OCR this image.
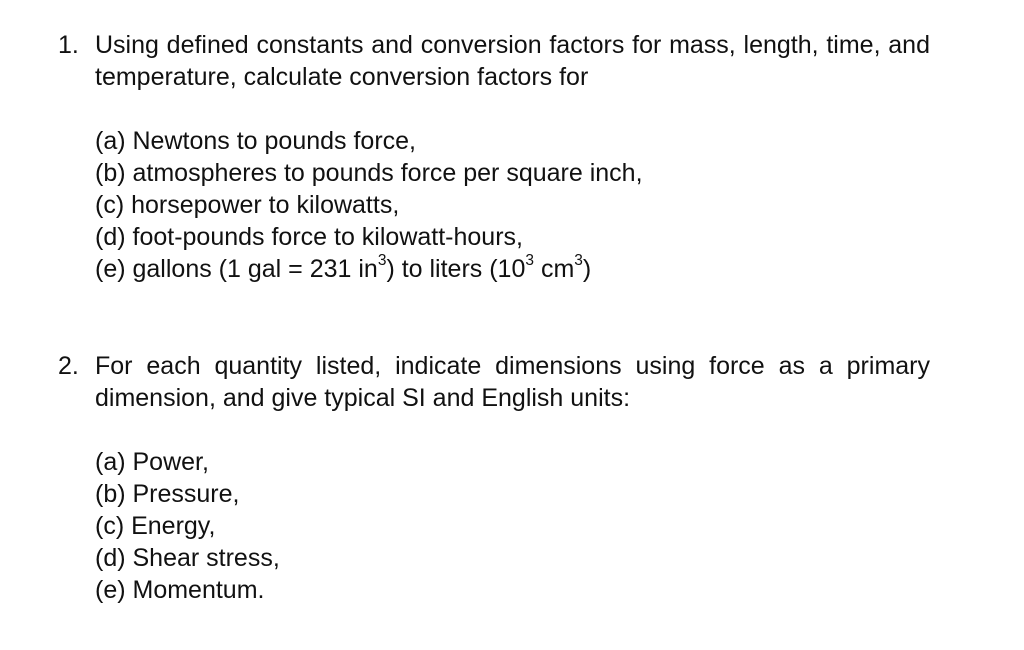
1. Using defined constants and conversion factors for mass, length, time, and temperature, calculate conversion factors for
(a) Newtons to pounds force,
(b) atmospheres to pounds force per square inch,
(c) horsepower to kilowatts,
(d) foot-pounds force to kilowatt-hours,
(e) gallons (1 gal = 231 $in^3$) to liters ($10^3$ $cm^3$)
2. For each quantity listed, indicate dimensions using force as a primary dimension, and give typical SI and English units:
(a) Power,
(b) Pressure,
(c) Energy,
(d) Shear stress,
(e) Momentum.
